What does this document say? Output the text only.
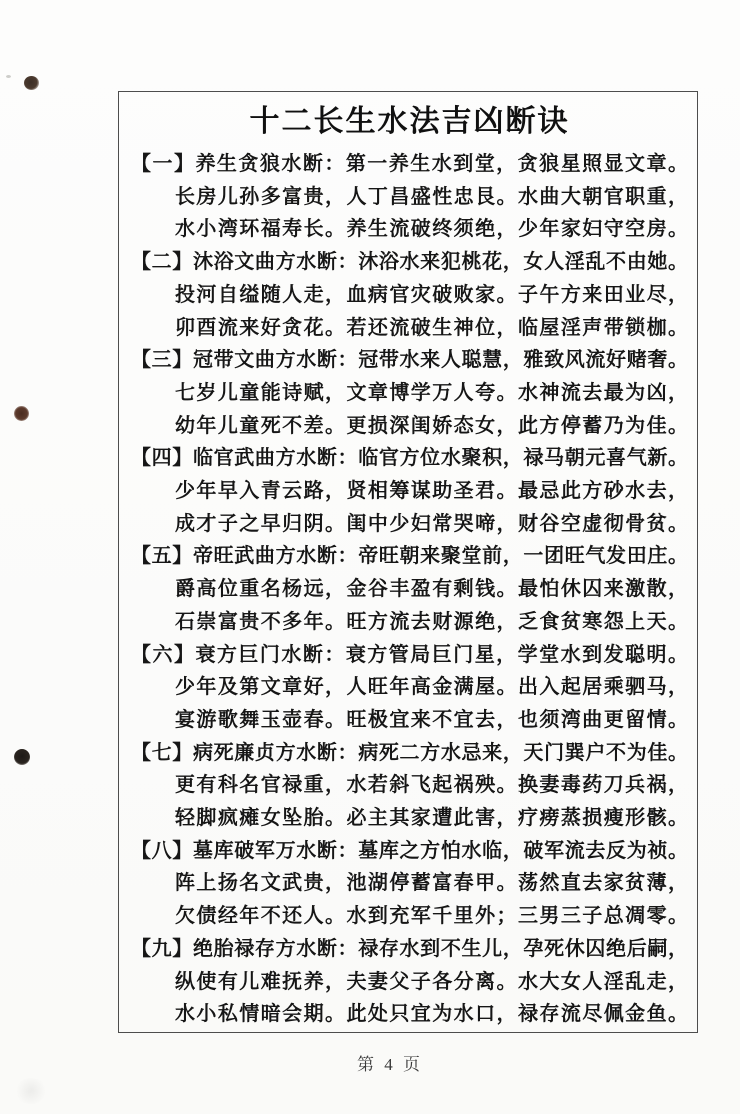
十二长生水法吉凶断诀
【一】养生贪狼水断：第一养生水到堂，贪狼星照显文章。
长房儿孙多富贵，人丁昌盛性忠艮。水曲大朝官职重，
水小湾环福寿长。养生流破终须绝，少年家妇守空房。
【二】沐浴文曲方水断：沐浴水来犯桃花，女人淫乱不由她。
投河自缢随人走，血病官灾破败家。子午方来田业尽，
卯酉流来好贪花。若还流破生神位，临屋淫声带锁枷。
【三】冠带文曲方水断：冠带水来人聪慧，雅致风流好赌奢。
七岁儿童能诗赋，文章博学万人夸。水神流去最为凶，
幼年儿童死不差。更损深闺娇态女，此方停蓄乃为佳。
【四】临官武曲方水断：临官方位水聚积，禄马朝元喜气新。
少年早入青云路，贤相筹谋助圣君。最忌此方砂水去，
成才子之早归阴。闺中少妇常哭啼，财谷空虚彻骨贫。
【五】帝旺武曲方水断：帝旺朝来聚堂前，一团旺气发田庄。
爵高位重名杨远，金谷丰盈有剩钱。最怕休囚来激散，
石崇富贵不多年。旺方流去财源绝，乏食贫寒怨上天。
【六】衰方巨门水断：衰方管局巨门星，学堂水到发聪明。
少年及第文章好，人旺年高金满屋。出入起居乘驷马，
宴游歌舞玉壶春。旺极宜来不宜去，也须湾曲更留情。
【七】病死廉贞方水断：病死二方水忌来，天门巽户不为佳。
更有科名官禄重，水若斜飞起祸殃。换妻毒药刀兵祸，
轻脚疯瘫女坠胎。必主其家遭此害，疗痨蒸损瘦形骸。
【八】墓库破军万水断：墓库之方怕水临，破军流去反为祯。
阵上扬名文武贵，池湖停蓄富春甲。荡然直去家贫薄，
欠债经年不还人。水到充军千里外；三男三子总凋零。
【九】绝胎禄存方水断：禄存水到不生儿，孕死休囚绝后嗣，
纵使有儿难抚养，夫妻父子各分离。水大女人淫乱走，
水小私情暗会期。此处只宜为水口，禄存流尽佩金鱼。
第 4 页
